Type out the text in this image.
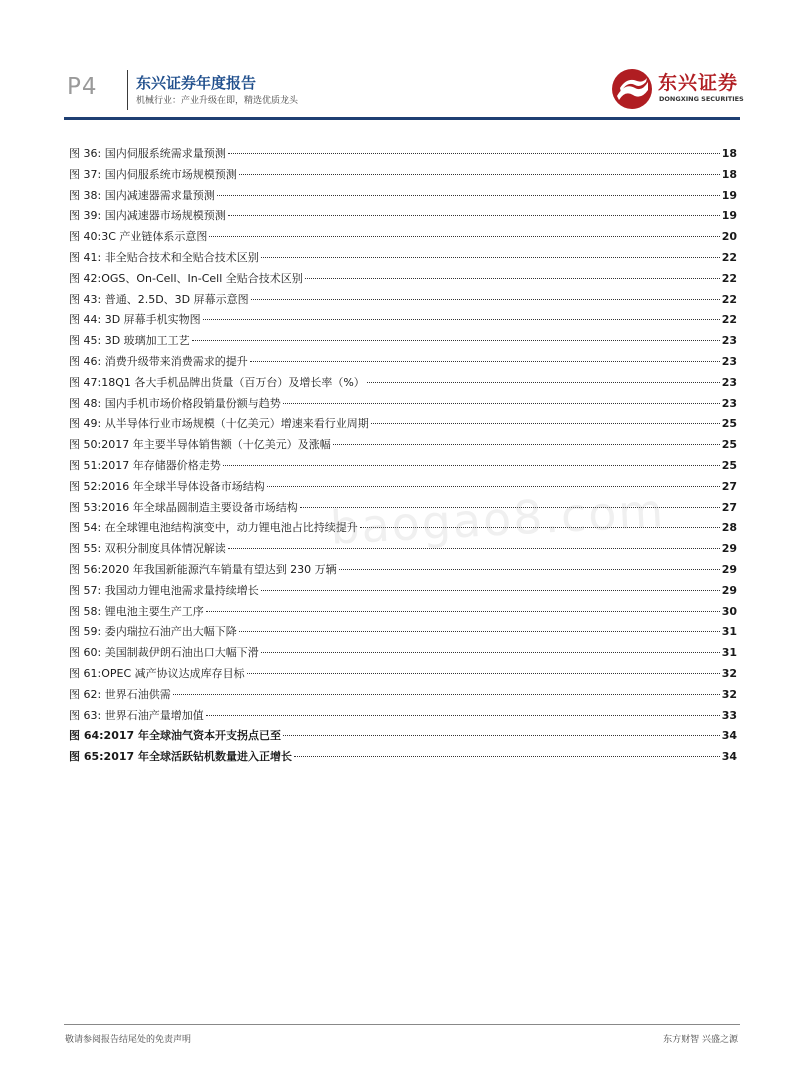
P4	东兴证券年度报告
机械行业：产业升级在即，精选优质龙头
东兴证券
DONGXING SECURITIES
图 36: 国内伺服系统需求量预测	18
图 37: 国内伺服系统市场规模预测	18
图 38: 国内减速器需求量预测	19
图 39: 国内减速器市场规模预测	19
图 40:3C 产业链体系示意图	20
图 41: 非全贴合技术和全贴合技术区别	22
图 42:OGS、On-Cell、In-Cell 全贴合技术区别	22
图 43: 普通、2.5D、3D 屏幕示意图	22
图 44: 3D 屏幕手机实物图	22
图 45: 3D 玻璃加工工艺	23
图 46: 消费升级带来消费需求的提升	23
图 47:18Q1 各大手机品牌出货量（百万台）及增长率（%）	23
图 48: 国内手机市场价格段销量份额与趋势	23
图 49: 从半导体行业市场规模（十亿美元）增速来看行业周期	25
图 50:2017 年主要半导体销售额（十亿美元）及涨幅	25
图 51:2017 年存储器价格走势	25
图 52:2016 年全球半导体设备市场结构	27
图 53:2016 年全球晶圆制造主要设备市场结构	27
图 54: 在全球锂电池结构演变中，动力锂电池占比持续提升	28
图 55: 双积分制度具体情况解读	29
图 56:2020 年我国新能源汽车销量有望达到 230 万辆	29
图 57: 我国动力锂电池需求量持续增长	29
图 58: 锂电池主要生产工序	30
图 59: 委内瑞拉石油产出大幅下降	31
图 60: 美国制裁伊朗石油出口大幅下滑	31
图 61:OPEC 减产协议达成库存目标	32
图 62: 世界石油供需	32
图 63: 世界石油产量增加值	33
图 64:2017 年全球油气资本开支拐点已至	34
图 65:2017 年全球活跃钻机数量进入正增长	34
baogao8.com
敬请参阅报告结尾处的免责声明	东方财智 兴盛之源
